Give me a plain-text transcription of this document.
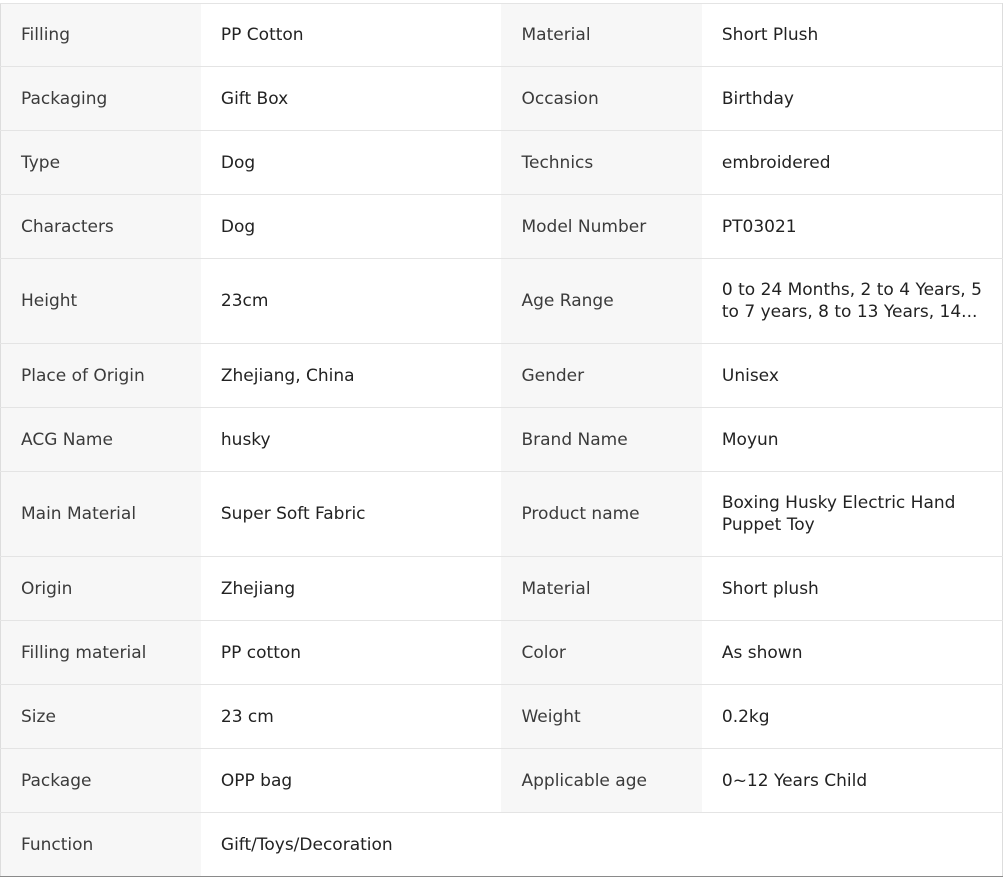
Filling	PP Cotton	Material	Short Plush
Packaging	Gift Box	Occasion	Birthday
Type	Dog	Technics	embroidered
Characters	Dog	Model Number	PT03021
Height	23cm	Age Range	0 to 24 Months, 2 to 4 Years, 5 to 7 years, 8 to 13 Years, 14...

Place of Origin	Zhejiang, China	Gender	Unisex
ACG Name	husky	Brand Name	Moyun
Main Material	Super Soft Fabric	Product name	Boxing Husky Electric Hand Puppet Toy

Origin	Zhejiang	Material	Short plush
Filling material	PP cotton	Color	As shown
Size	23 cm	Weight	0.2kg
Package	OPP bag	Applicable age	0~12 Years Child
Function	Gift/Toys/Decoration		
